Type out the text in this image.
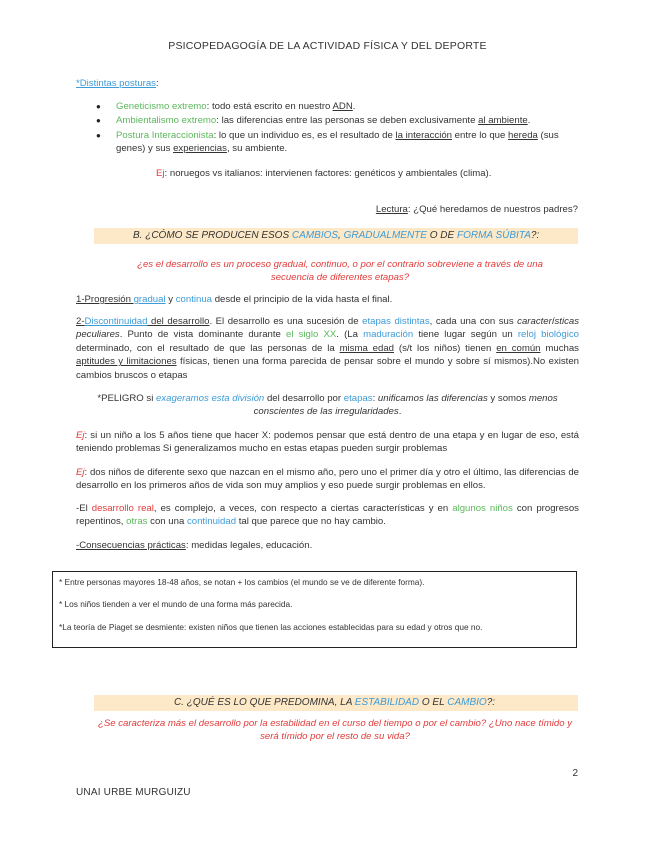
PSICOPEDAGOGÍA DE LA ACTIVIDAD FÍSICA Y DEL DEPORTE
*Distintas posturas:
● Geneticismo extremo: todo está escrito en nuestro ADN.
● Ambientalismo extremo: las diferencias entre las personas se deben exclusivamente al ambiente.
● Postura Interaccionista: lo que un individuo es, es el resultado de la interacción entre lo que hereda (sus genes) y sus experiencias, su ambiente.
Ej: noruegos vs italianos: intervienen factores: genéticos y ambientales (clima).
Lectura: ¿Qué heredamos de nuestros padres?
B. ¿CÓMO SE PRODUCEN ESOS CAMBIOS, GRADUALMENTE O DE FORMA SÚBITA?:
¿es el desarrollo es un proceso gradual, continuo, o por el contrario sobreviene a través de una secuencia de diferentes etapas?
1-Progresión gradual y continua desde el principio de la vida hasta el final.
2-Discontinuidad del desarrollo. El desarrollo es una sucesión de etapas distintas, cada una con sus características peculiares. Punto de vista dominante durante el siglo XX. (La maduración tiene lugar según un reloj biológico determinado, con el resultado de que las personas de la misma edad (s/t los niños) tienen en común muchas aptitudes y limitaciones físicas, tienen una forma parecida de pensar sobre el mundo y sobre sí mismos).No existen cambios bruscos o etapas
*PELIGRO si exageramos esta división del desarrollo por etapas: unificamos las diferencias y somos menos conscientes de las irregularidades.
Ej: si un niño a los 5 años tiene que hacer X: podemos pensar que está dentro de una etapa y en lugar de eso, está teniendo problemas Si generalizamos mucho en estas etapas pueden surgir problemas
Ej: dos niños de diferente sexo que nazcan en el mismo año, pero uno el primer día y otro el último, las diferencias de desarrollo en los primeros años de vida son muy amplios y eso puede surgir problemas en ellos.
-El desarrollo real, es complejo, a veces, con respecto a ciertas características y en algunos niños con progresos repentinos, otras con una continuidad tal que parece que no hay cambio.
-Consecuencias prácticas: medidas legales, educación.

* Entre personas mayores 18-48 años, se notan + los cambios (el mundo se ve de diferente forma).

* Los niños tienden a ver el mundo de una forma más parecida.

*La teoría de Piaget se desmiente: existen niños que tienen las acciones establecidas para su edad y otros que no.

C. ¿QUÉ ES LO QUE PREDOMINA, LA ESTABILIDAD O EL CAMBIO?:
¿Se caracteriza más el desarrollo por la estabilidad en el curso del tiempo o por el cambio? ¿Uno nace tímido y será tímido por el resto de su vida?
2
UNAI URBE MURGUIZU
